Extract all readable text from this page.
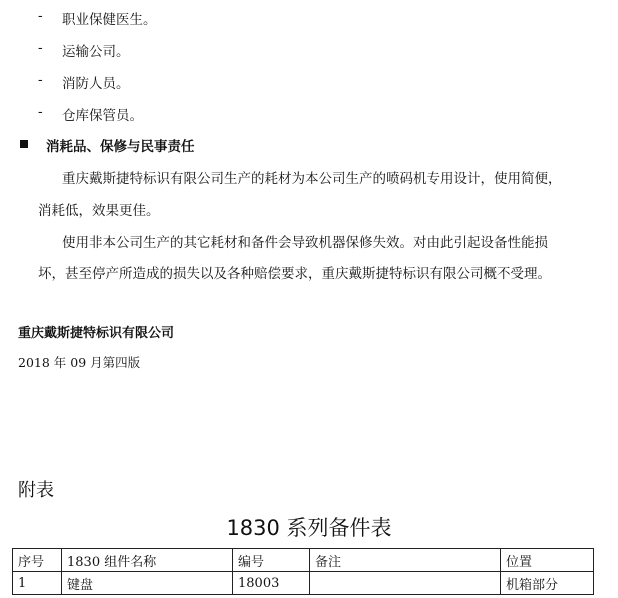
- 职业保健医生。
- 运输公司。
- 消防人员。
- 仓库保管员。
消耗品、保修与民事责任
重庆戴斯捷特标识有限公司生产的耗材为本公司生产的喷码机专用设计，使用简便，
消耗低，效果更佳。
使用非本公司生产的其它耗材和备件会导致机器保修失效。对由此引起设备性能损
坏，甚至停产所造成的损失以及各种赔偿要求，重庆戴斯捷特标识有限公司概不受理。
重庆戴斯捷特标识有限公司
2018 年 09 月第四版
附表
1830 系列备件表
序号	1830 组件名称	编号	备注	位置
1	键盘	18003		机箱部分
